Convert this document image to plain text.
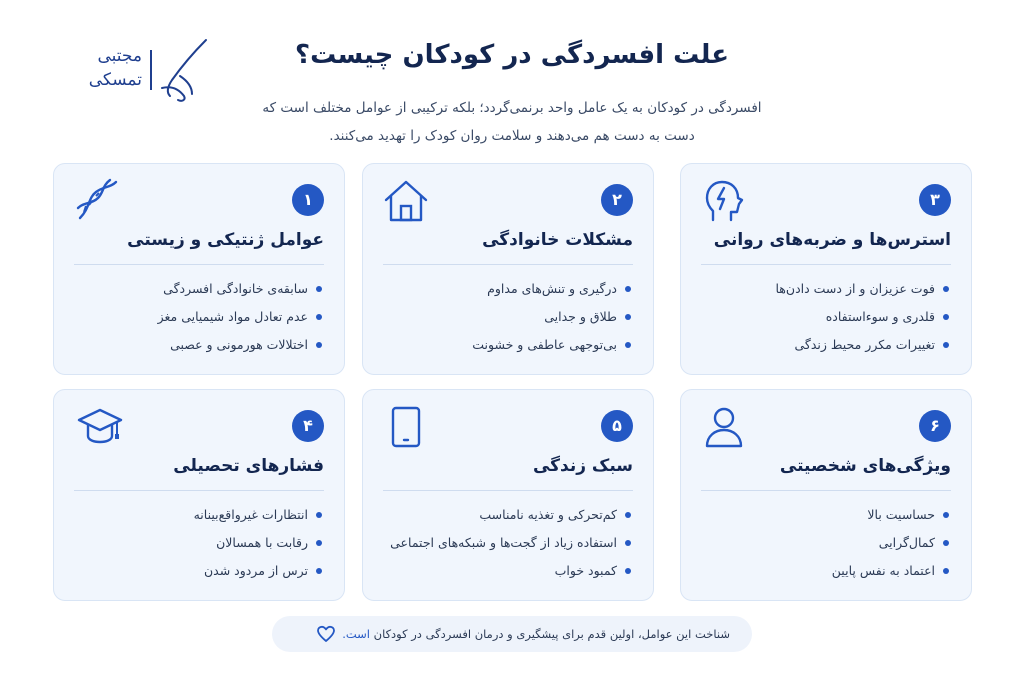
مجتبی
تمسکی
علت افسردگی در کودکان چیست؟
افسردگی در کودکان به یک عامل واحد برنمی‌گردد؛ بلکه ترکیبی از عوامل مختلف است که
دست به دست هم می‌دهند و سلامت روان کودک را تهدید می‌کنند.
۳
استرس‌ها و ضربه‌های روانی
فوت عزیزان و از دست دادن‌ها
قلدری و سوءاستفاده
تغییرات مکرر محیط زندگی
۲
مشکلات خانوادگی
درگیری و تنش‌های مداوم
طلاق و جدایی
بی‌توجهی عاطفی و خشونت
۱
عوامل ژنتیکی و زیستی
سابقه‌ی خانوادگی افسردگی
عدم تعادل مواد شیمیایی مغز
اختلالات هورمونی و عصبی
۶
ویژگی‌های شخصیتی
حساسیت بالا
کمال‌گرایی
اعتماد به نفس پایین
۵
سبک زندگی
کم‌تحرکی و تغذیه نامناسب
استفاده زیاد از گجت‌ها و شبکه‌های اجتماعی
کمبود خواب
۴
فشارهای تحصیلی
انتظارات غیرواقع‌بینانه
رقابت با همسالان
ترس از مردود شدن
شناخت این عوامل، اولین قدم برای پیشگیری و درمان افسردگی در کودکان است.
